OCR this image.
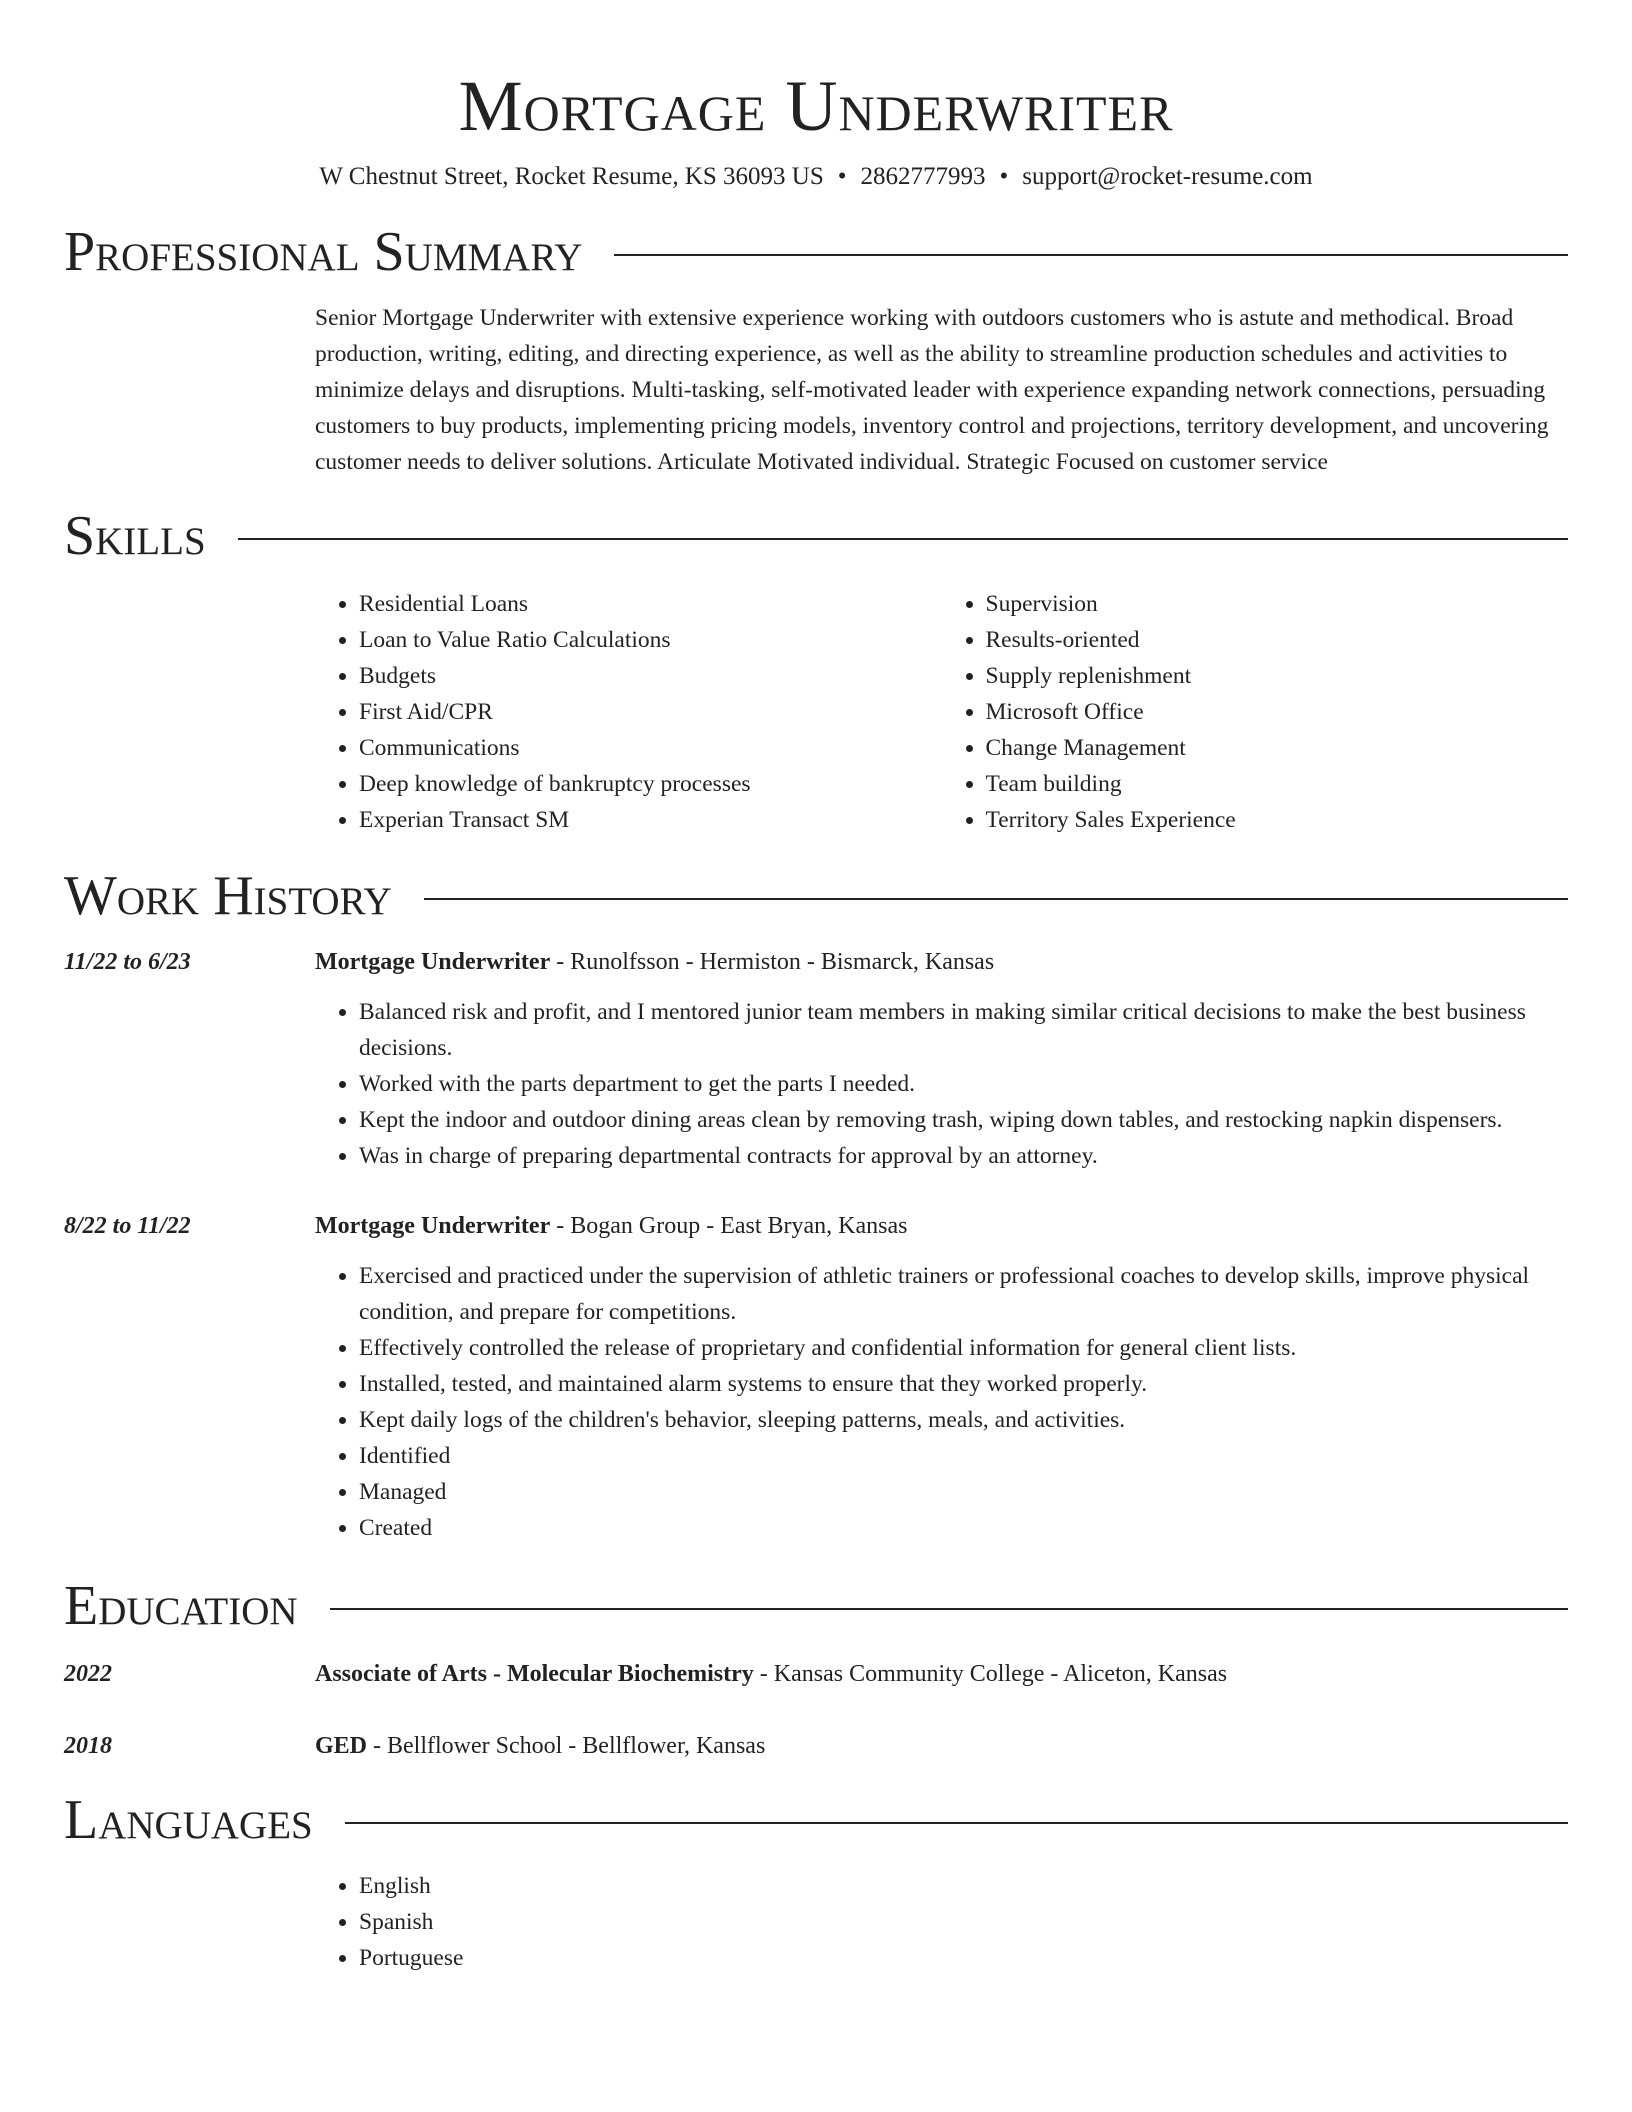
Mortgage Underwriter
W Chestnut Street, Rocket Resume, KS 36093 US • 2862777993 • support@rocket-resume.com
Professional Summary
Senior Mortgage Underwriter with extensive experience working with outdoors customers who is astute and methodical. Broad production, writing, editing, and directing experience, as well as the ability to streamline production schedules and activities to minimize delays and disruptions. Multi-tasking, self-motivated leader with experience expanding network connections, persuading customers to buy products, implementing pricing models, inventory control and projections, territory development, and uncovering customer needs to deliver solutions. Articulate Motivated individual. Strategic Focused on customer service
Skills
• Residential Loans
• Loan to Value Ratio Calculations
• Budgets
• First Aid/CPR
• Communications
• Deep knowledge of bankruptcy processes
• Experian Transact SM
• Supervision
• Results-oriented
• Supply replenishment
• Microsoft Office
• Change Management
• Team building
• Territory Sales Experience
Work History
11/22 to 6/23	Mortgage Underwriter - Runolfsson - Hermiston - Bismarck, Kansas
• Balanced risk and profit, and I mentored junior team members in making similar critical decisions to make the best business decisions.
• Worked with the parts department to get the parts I needed.
• Kept the indoor and outdoor dining areas clean by removing trash, wiping down tables, and restocking napkin dispensers.
• Was in charge of preparing departmental contracts for approval by an attorney.
8/22 to 11/22	Mortgage Underwriter - Bogan Group - East Bryan, Kansas
• Exercised and practiced under the supervision of athletic trainers or professional coaches to develop skills, improve physical condition, and prepare for competitions.
• Effectively controlled the release of proprietary and confidential information for general client lists.
• Installed, tested, and maintained alarm systems to ensure that they worked properly.
• Kept daily logs of the children's behavior, sleeping patterns, meals, and activities.
• Identified
• Managed
• Created
Education
2022	Associate of Arts - Molecular Biochemistry - Kansas Community College - Aliceton, Kansas
2018	GED - Bellflower School - Bellflower, Kansas
Languages
• English
• Spanish
• Portuguese
